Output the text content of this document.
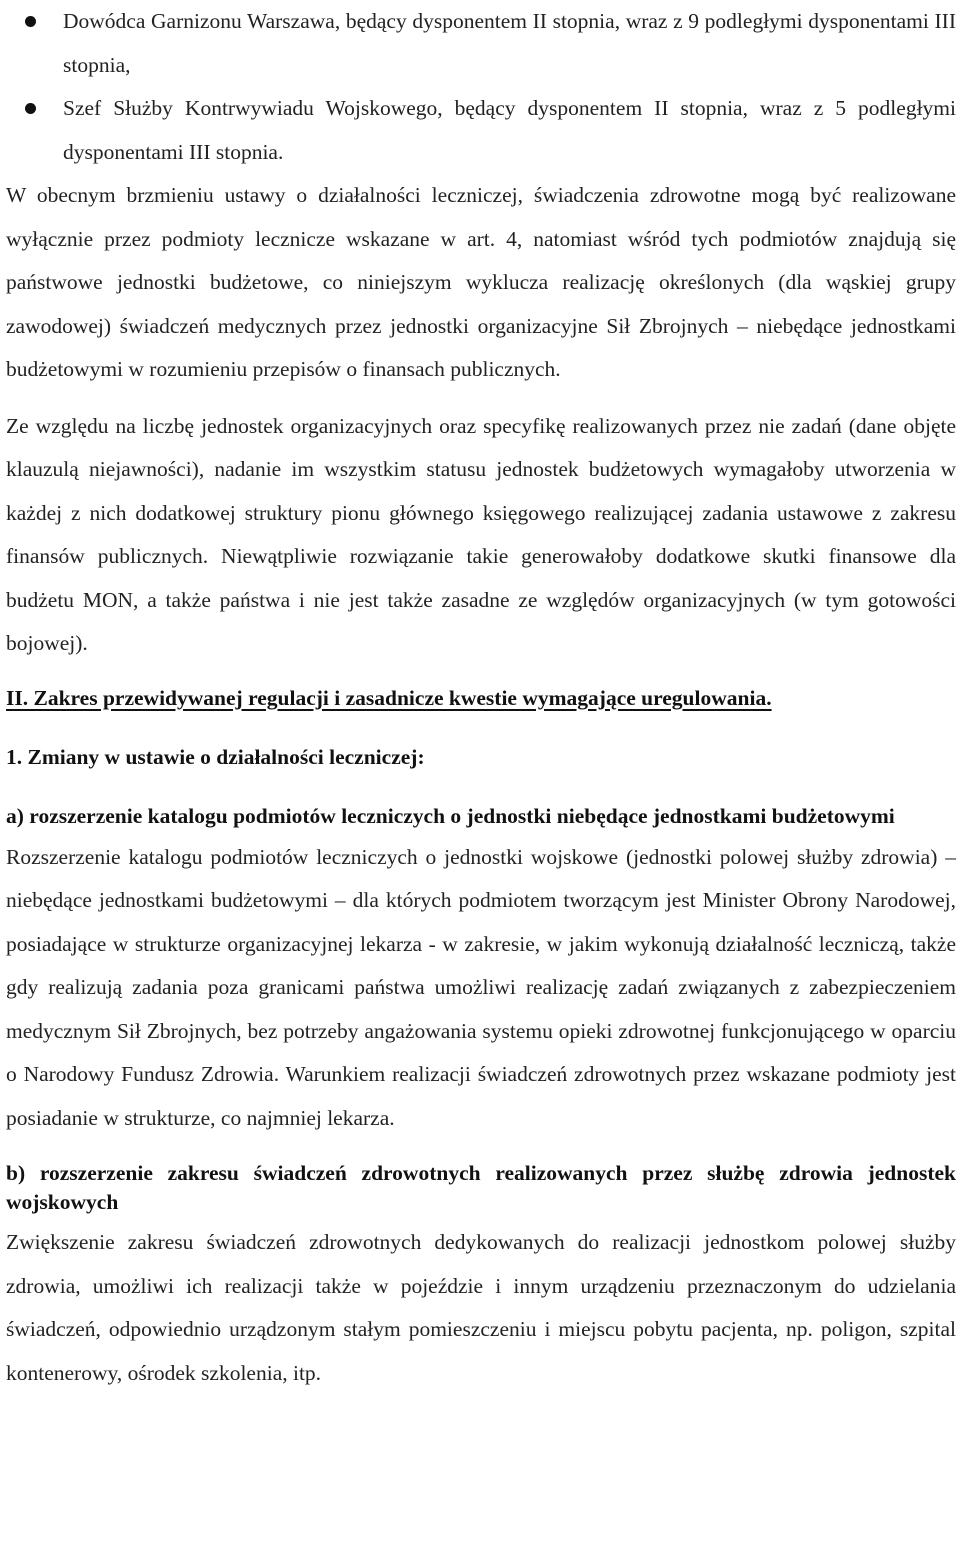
Dowódca Garnizonu Warszawa, będący dysponentem II stopnia, wraz z 9 podległymi dysponentami III stopnia,
Szef Służby Kontrwywiadu Wojskowego, będący dysponentem II stopnia, wraz z 5 podległymi dysponentami III stopnia.

W obecnym brzmieniu ustawy o działalności leczniczej, świadczenia zdrowotne mogą być realizowane wyłącznie przez podmioty lecznicze wskazane w art. 4, natomiast wśród tych podmiotów znajdują się państwowe jednostki budżetowe, co niniejszym wyklucza realizację określonych (dla wąskiej grupy zawodowej) świadczeń medycznych przez jednostki organizacyjne Sił Zbrojnych – niebędące jednostkami budżetowymi w rozumieniu przepisów o finansach publicznych.

Ze względu na liczbę jednostek organizacyjnych oraz specyfikę realizowanych przez nie zadań (dane objęte klauzulą niejawności), nadanie im wszystkim statusu jednostek budżetowych wymagałoby utworzenia w każdej z nich dodatkowej struktury pionu głównego księgowego realizującej zadania ustawowe z zakresu finansów publicznych. Niewątpliwie rozwiązanie takie generowałoby dodatkowe skutki finansowe dla budżetu MON, a także państwa i nie jest także zasadne ze względów organizacyjnych (w tym gotowości bojowej).

II. Zakres przewidywanej regulacji i zasadnicze kwestie wymagające uregulowania.

1. Zmiany w ustawie o działalności leczniczej:

a) rozszerzenie katalogu podmiotów leczniczych o jednostki niebędące jednostkami budżetowymi

Rozszerzenie katalogu podmiotów leczniczych o jednostki wojskowe (jednostki polowej służby zdrowia) – niebędące jednostkami budżetowymi – dla których podmiotem tworzącym jest Minister Obrony Narodowej, posiadające w strukturze organizacyjnej lekarza - w zakresie, w jakim wykonują działalność leczniczą, także gdy realizują zadania poza granicami państwa umożliwi realizację zadań związanych z zabezpieczeniem medycznym Sił Zbrojnych, bez potrzeby angażowania systemu opieki zdrowotnej funkcjonującego w oparciu o Narodowy Fundusz Zdrowia. Warunkiem realizacji świadczeń zdrowotnych przez wskazane podmioty jest posiadanie w strukturze, co najmniej lekarza.

b) rozszerzenie zakresu świadczeń zdrowotnych realizowanych przez służbę zdrowia jednostek wojskowych

Zwiększenie zakresu świadczeń zdrowotnych dedykowanych do realizacji jednostkom polowej służby zdrowia, umożliwi ich realizacji także w pojeździe i innym urządzeniu przeznaczonym do udzielania świadczeń, odpowiednio urządzonym stałym pomieszczeniu i miejscu pobytu pacjenta, np. poligon, szpital kontenerowy, ośrodek szkolenia, itp.
